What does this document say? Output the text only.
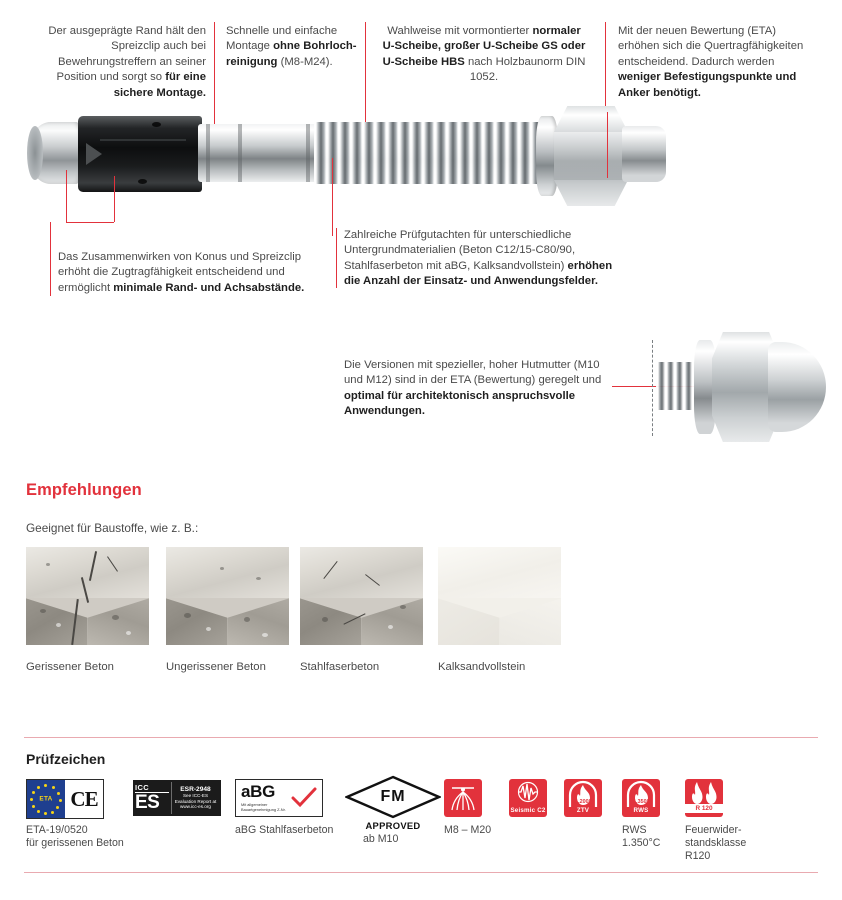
Der ausgeprägte Rand hält den Spreizclip auch bei Bewehrungstreffern an seiner Position und sorgt so für eine sichere Montage.
Schnelle und einfache Montage ohne Bohrloch-reinigung (M8-M24).
Wahlweise mit vormontierter normaler U-Scheibe, großer U-Scheibe GS oder U-Scheibe HBS nach Holzbaunorm DIN 1052.
Mit der neuen Bewertung (ETA) erhöhen sich die Quertragfähigkeiten entscheidend. Dadurch werden weniger Befestigungspunkte und Anker benötigt.
Das Zusammenwirken von Konus und Spreizclip erhöht die Zugtragfähigkeit entscheidend und ermöglicht minimale Rand- und Achsabstände.
Zahlreiche Prüfgutachten für unterschiedliche Untergrundmaterialien (Beton C12/15-C80/90, Stahlfaserbeton mit aBG, Kalksandvollstein) erhöhen die Anzahl der Einsatz- und Anwendungsfelder.
Die Versionen mit spezieller, hoher Hutmutter (M10 und M12) sind in der ETA (Bewertung) geregelt und optimal für architektonisch anspruchsvolle Anwendungen.
Empfehlungen
Geeignet für Baustoffe, wie z. B.:
Gerissener Beton	Ungerissener Beton	Stahlfaserbeton	Kalksandvollstein
Prüfzeichen
ETA CE
ETA-19/0520
für gerissenen Beton
ICC
ES
ESR-2948
See ICC-ES Evaluation Report at www.icc-es.org
aBG
Mit allgemeiner Bauartgenehmigung Z-Nr.
aBG Stahlfaserbeton
FM
APPROVED
ab M10
M8 – M20
Seismic C2
1.200°
ZTV
1.350°
RWS
RWS
1.350°C
R 120
Feuerwider-
standsklasse
R120
